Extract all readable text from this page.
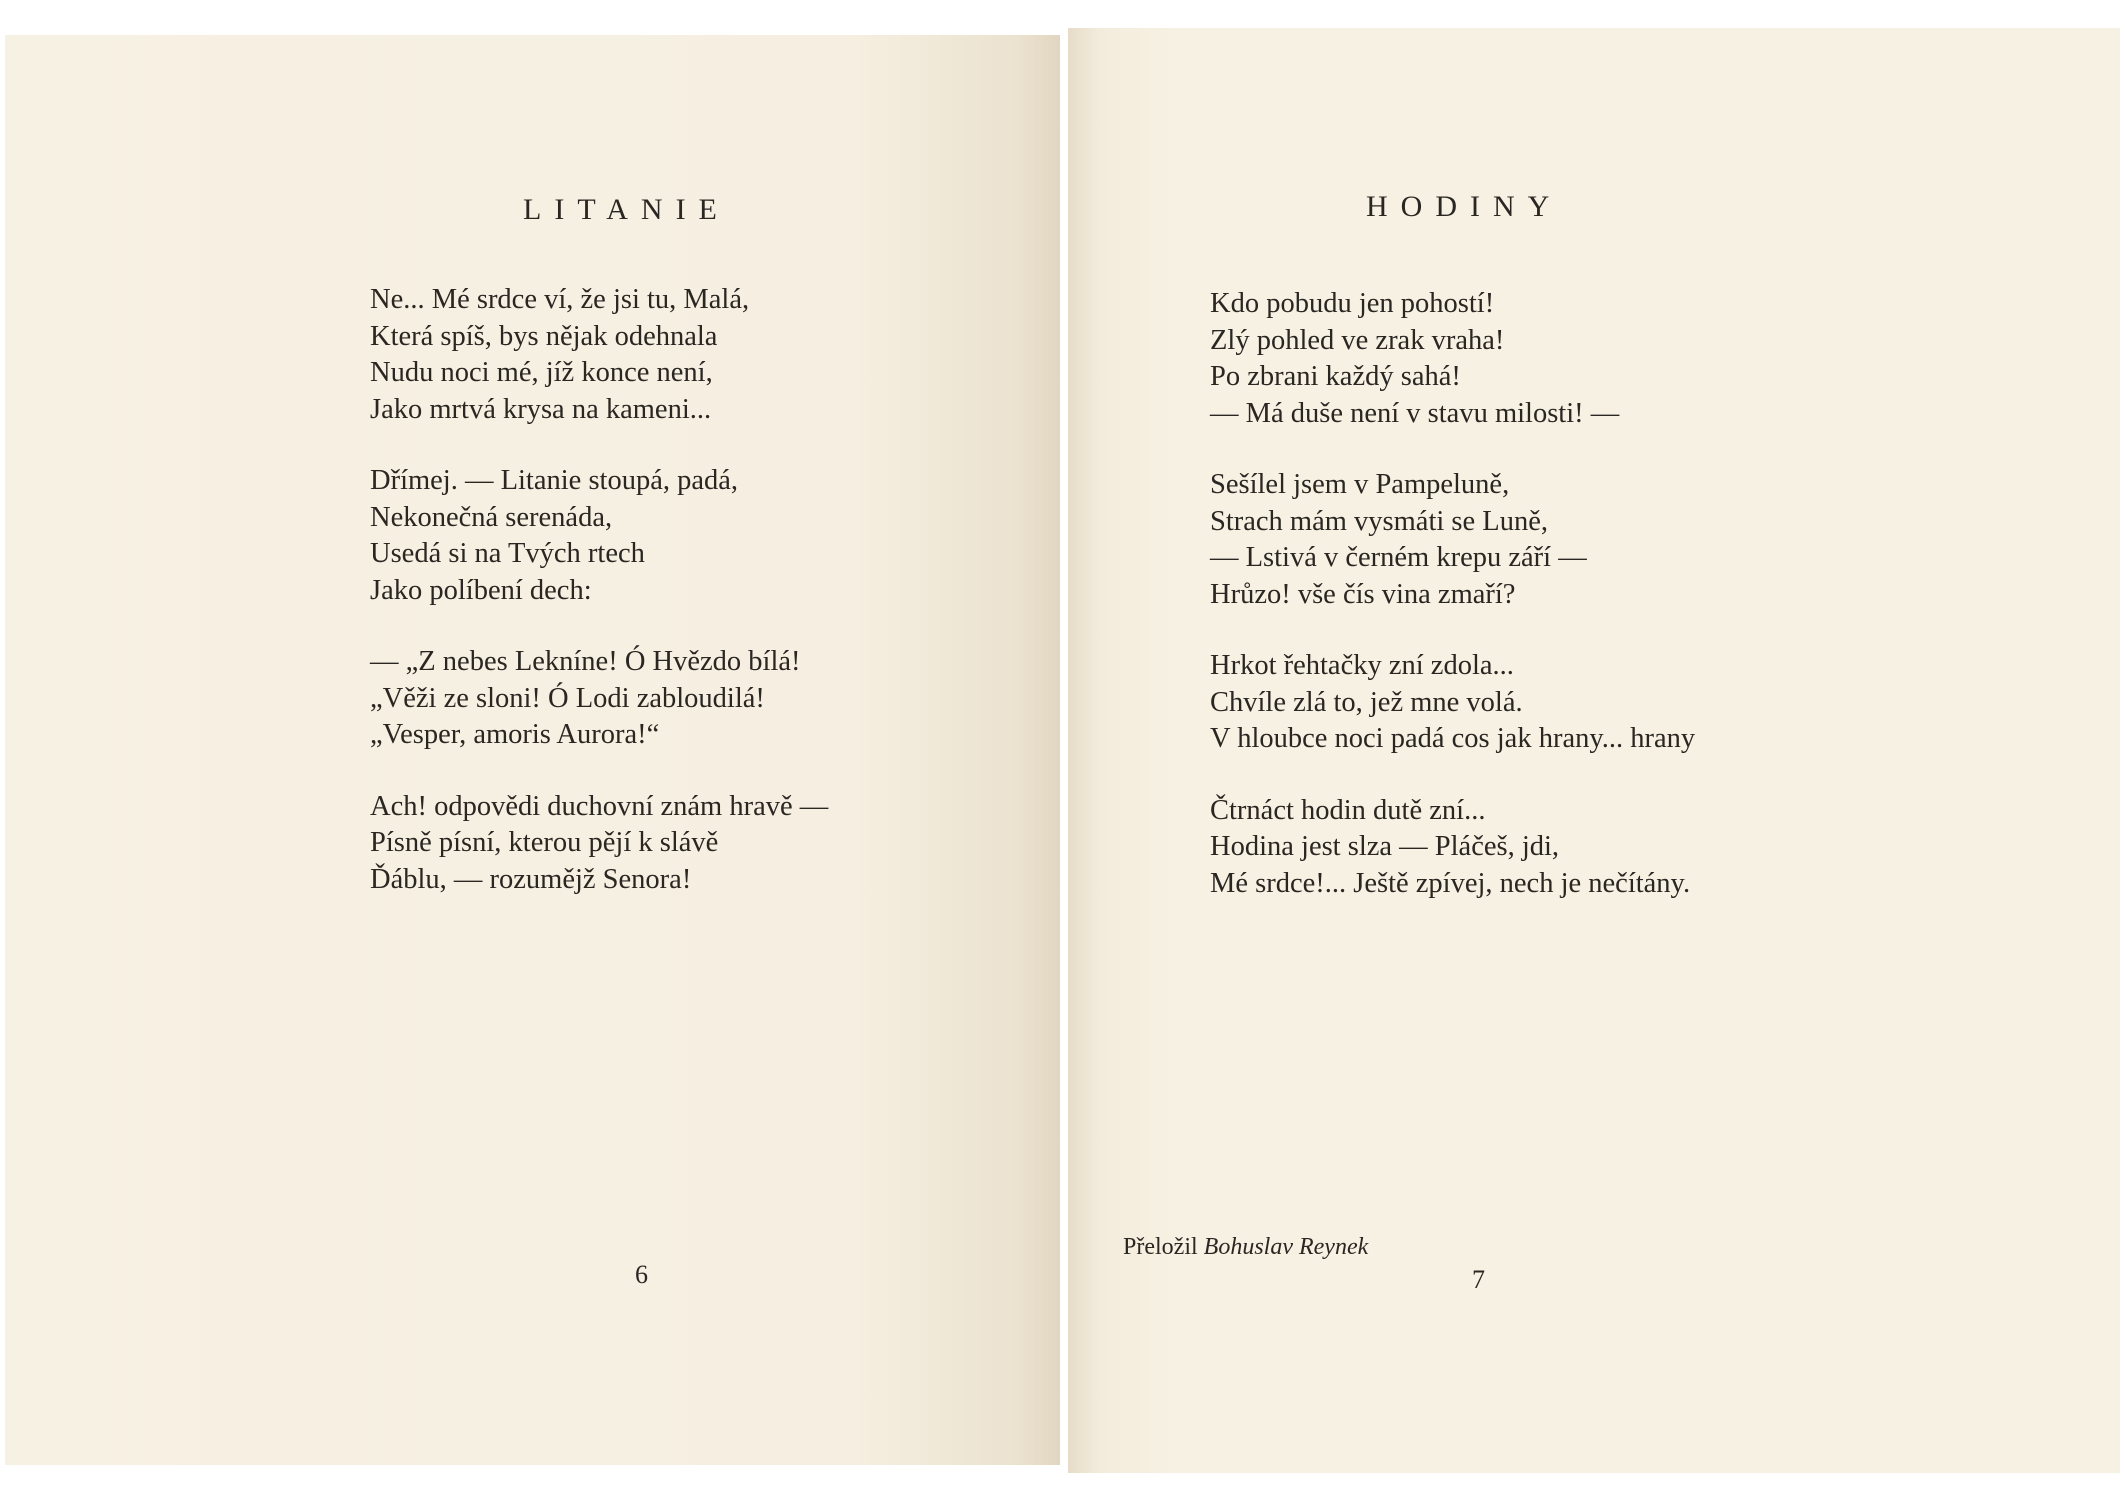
LITANIE

Ne... Mé srdce ví, že jsi tu, Malá,
Která spíš, bys nějak odehnala
Nudu noci mé, jíž konce není,
Jako mrtvá krysa na kameni...

Dřímej. — Litanie stoupá, padá,
Nekonečná serenáda,
Usedá si na Tvých rtech
Jako políbení dech:

— „Z nebes Lekníne! Ó Hvězdo bílá!
„Věži ze sloni! Ó Lodi zabloudilá!
„Vesper, amoris Aurora!“

Ach! odpovědi duchovní znám hravě —
Písně písní, kterou pějí k slávě
Ďáblu, — rozumějž Senora!

6
HODINY

Kdo pobudu jen pohostí!
Zlý pohled ve zrak vraha!
Po zbrani každý sahá!
— Má duše není v stavu milosti! —

Sešílel jsem v Pampeluně,
Strach mám vysmáti se Luně,
— Lstivá v černém krepu září —
Hrůzo! vše čís vina zmaří?

Hrkot řehtačky zní zdola...
Chvíle zlá to, jež mne volá.
V hloubce noci padá cos jak hrany... hrany

Čtrnáct hodin dutě zní...
Hodina jest slza — Pláčeš, jdi,
Mé srdce!... Ještě zpívej, nech je nečítány.

Přeložil Bohuslav Reynek
7
